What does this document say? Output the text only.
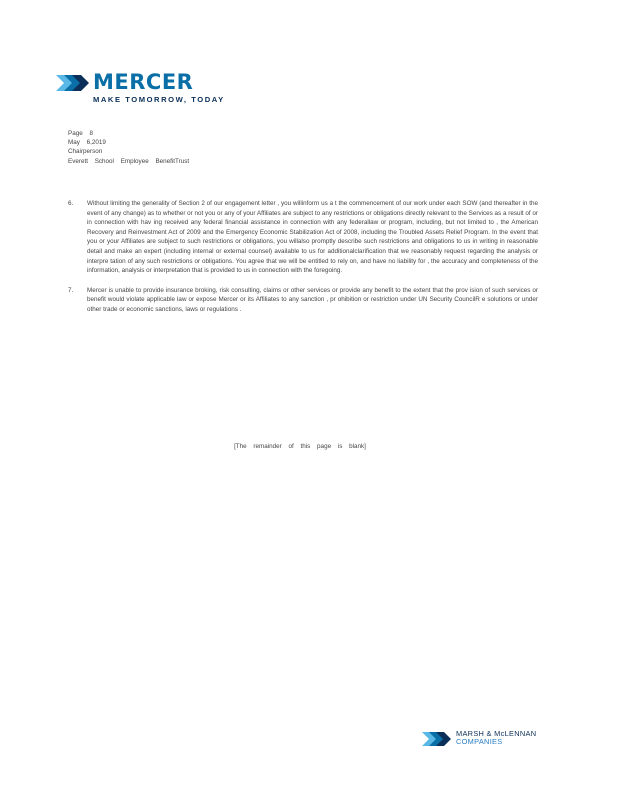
MERCER
MAKE TOMORROW, TODAY
Page 8
May 6,2019
Chairperson
Everett School Employee BenefitTrust
6.	Without limiting the generality of Section 2 of our engagement letter , you willinform us a t the commencement of our work under each SOW (and thereafter in the event of any change) as to whether or not you or any of your Affiliates are subject to any restrictions or obligations directly relevant to the Services as a result of or in connection with hav ing received any federal financial assistance in connection with any federallaw or program, including, but not limited to , the American Recovery and Reinvestment Act of 2009 and the Emergency Economic Stabilization Act of 2008, including the Troubled Assets Relief Program. In the event that you or your Affiliates are subject to such restrictions or obligations, you willalso promptly describe such restrictions and obligations to us in writing in reasonable detail and make an expert (including internal or external counsel) available to us for additionalclarification that we reasonably request regarding the analysis or interpre tation of any such restrictions or obligations. You agree that we will be entitled to rely on, and have no liability for , the accuracy and completeness of the information, analysis or interpretation that is provided to us in connection with the foregoing.
7.	Mercer is unable to provide insurance broking, risk consulting, claims or other services or provide any benefit to the extent that the prov ision of such services or benefit would violate applicable law or expose Mercer or its Affiliates to any sanction , pr ohibition or restriction under UN Security CouncilR e solutions or under other trade or economic sanctions, laws or regulations .
[The remainder of this page is blank]
MARSH & McLENNAN
COMPANIES
